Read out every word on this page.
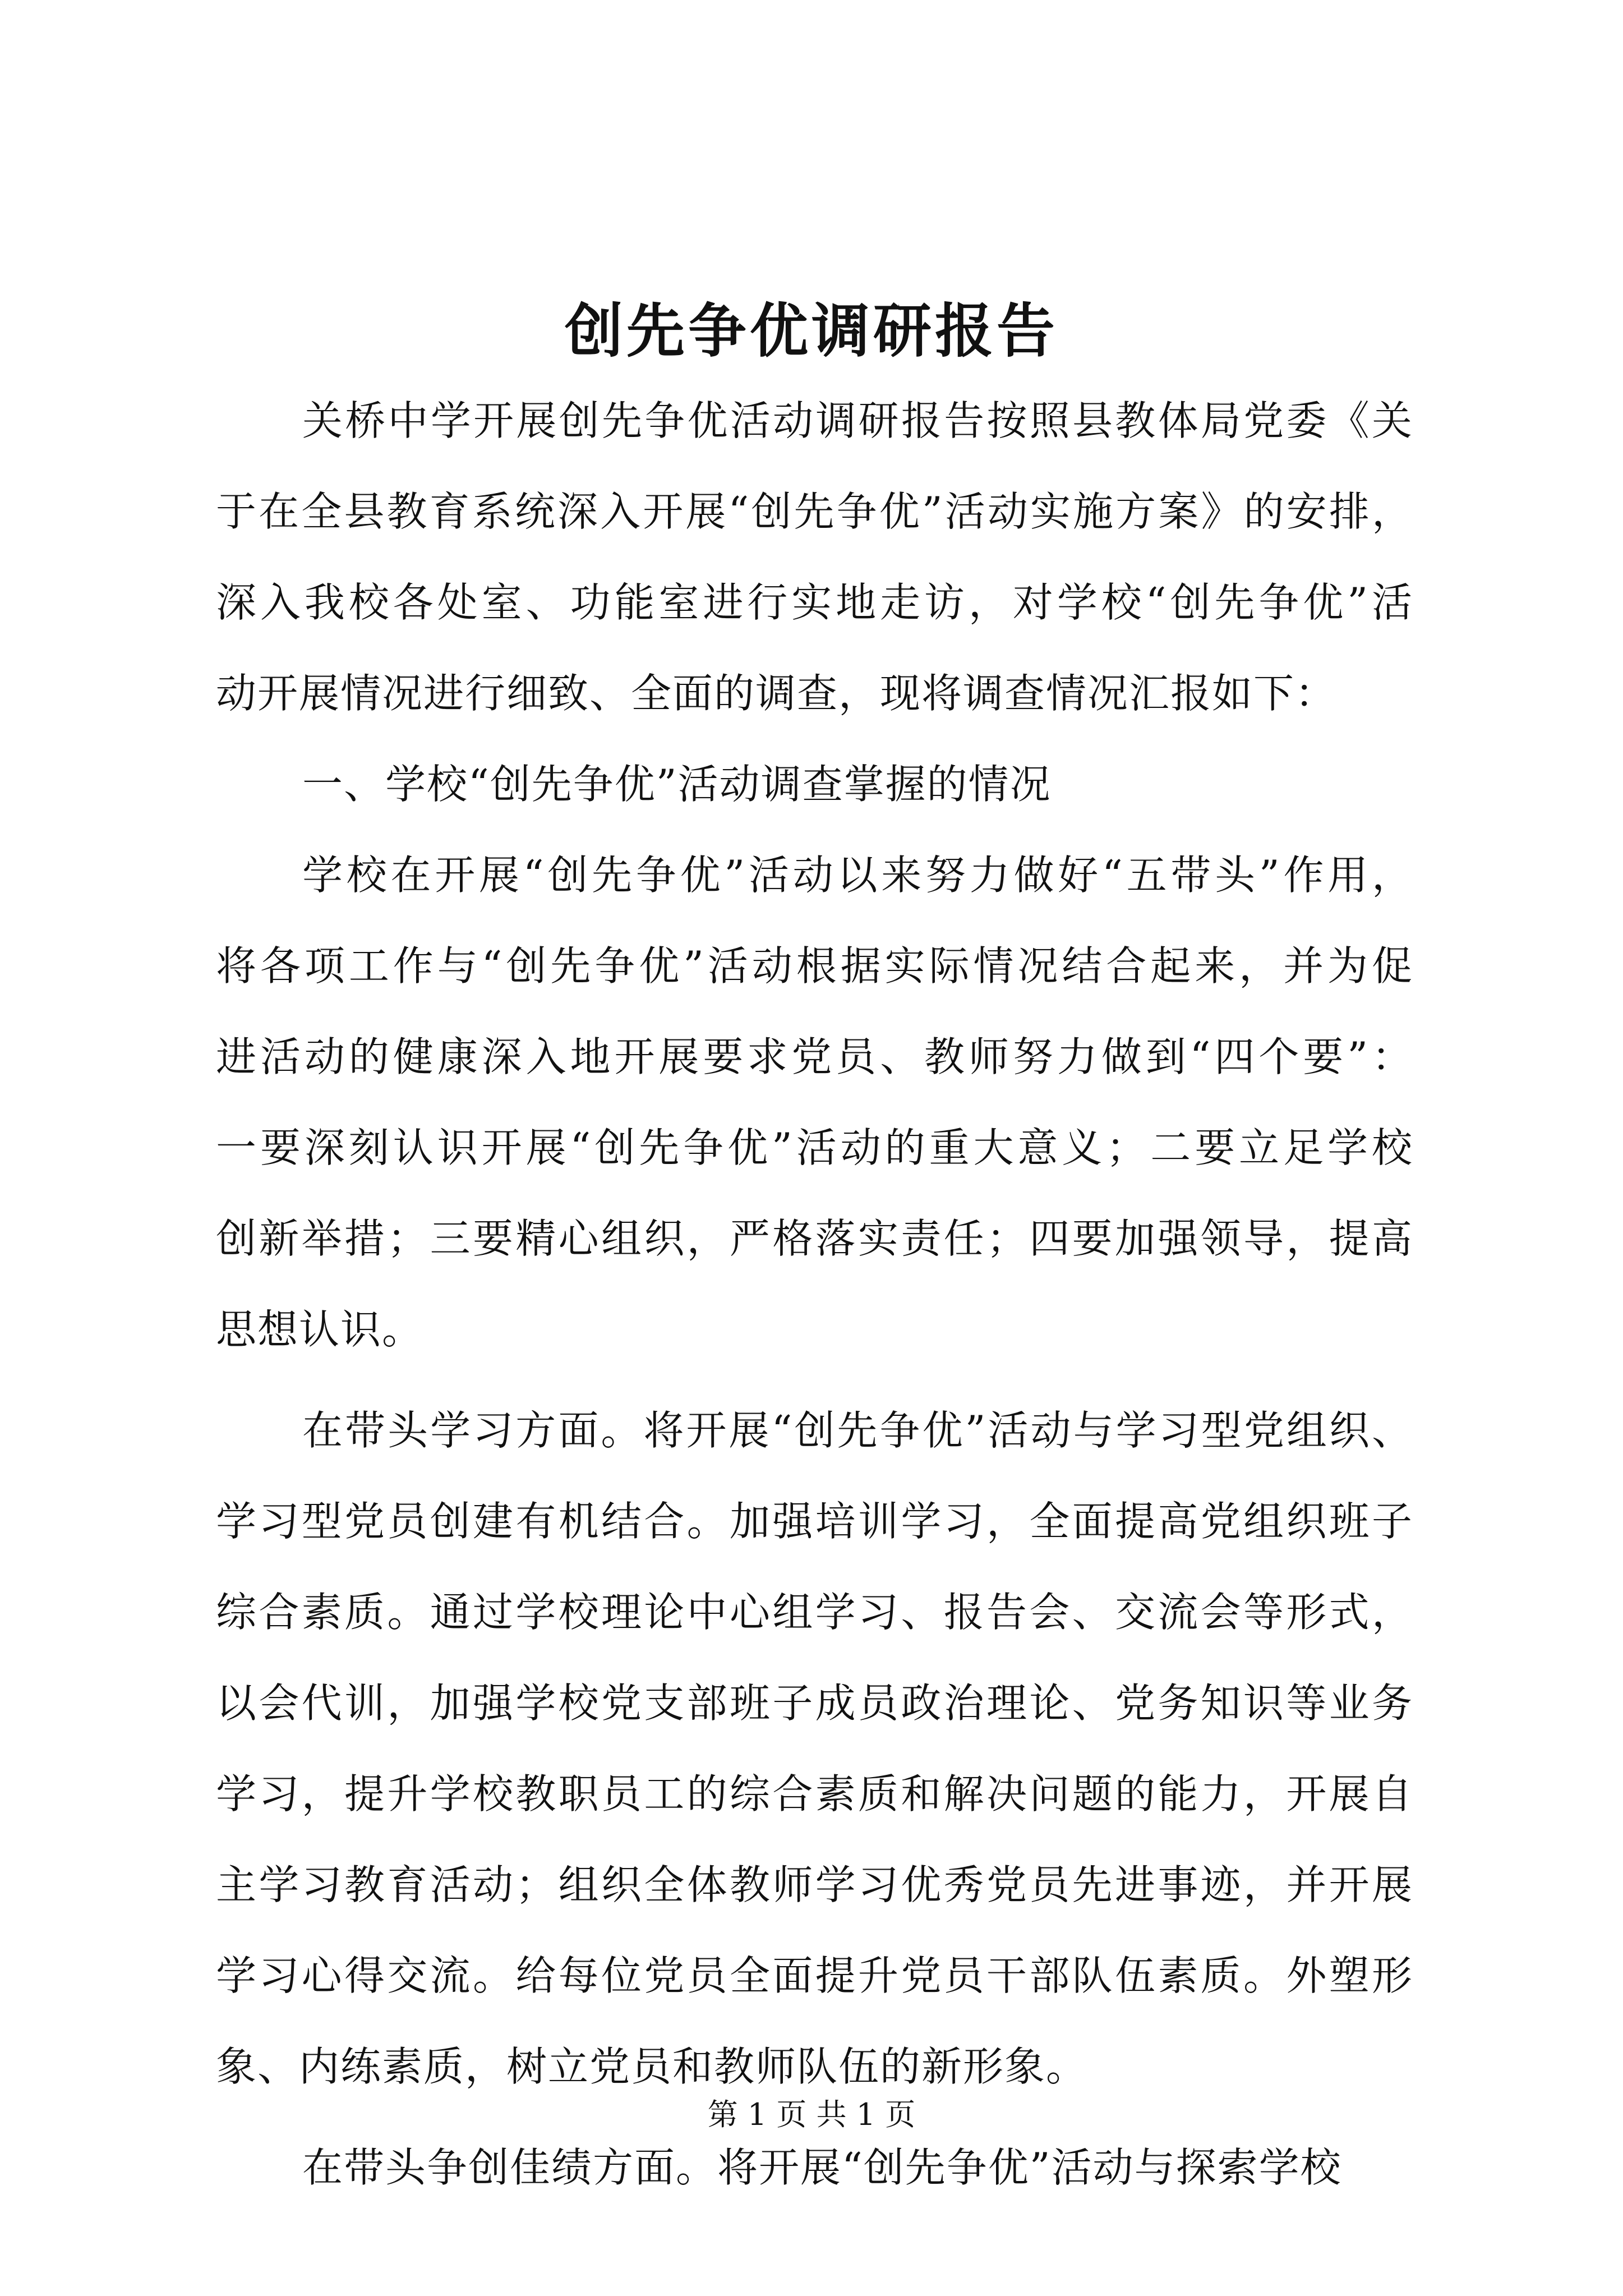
创先争优调研报告
关桥中学开展创先争优活动调研报告按照县教体局党委《关
于在全县教育系统深入开展“创先争优”活动实施方案》的安排，
深入我校各处室、功能室进行实地走访，对学校“创先争优”活
动开展情况进行细致、全面的调查，现将调查情况汇报如下：
一、学校“创先争优”活动调查掌握的情况
学校在开展“创先争优”活动以来努力做好“五带头”作用，
将各项工作与“创先争优”活动根据实际情况结合起来，并为促
进活动的健康深入地开展要求党员、教师努力做到“四个要”：
一要深刻认识开展“创先争优”活动的重大意义；二要立足学校
创新举措；三要精心组织，严格落实责任；四要加强领导，提高
思想认识。
在带头学习方面。将开展“创先争优”活动与学习型党组织、
学习型党员创建有机结合。加强培训学习，全面提高党组织班子
综合素质。通过学校理论中心组学习、报告会、交流会等形式，
以会代训，加强学校党支部班子成员政治理论、党务知识等业务
学习，提升学校教职员工的综合素质和解决问题的能力，开展自
主学习教育活动；组织全体教师学习优秀党员先进事迹，并开展
学习心得交流。给每位党员全面提升党员干部队伍素质。外塑形
象、内练素质，树立党员和教师队伍的新形象。
在带头争创佳绩方面。将开展“创先争优”活动与探索学校
第 1 页 共 1 页
